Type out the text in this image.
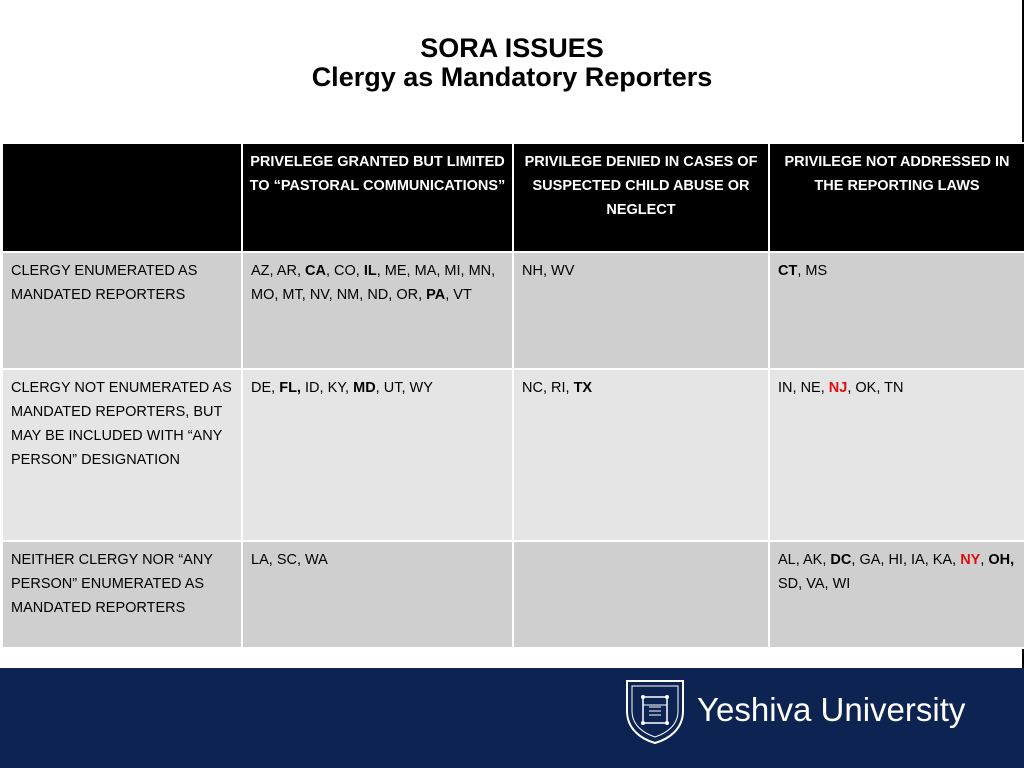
SORA ISSUES
Clergy as Mandatory Reporters
	PRIVELEGE GRANTED BUT LIMITED TO “PASTORAL COMMUNICATIONS”	PRIVILEGE DENIED IN CASES OF SUSPECTED CHILD ABUSE OR NEGLECT	PRIVILEGE NOT ADDRESSED IN THE REPORTING LAWS
CLERGY ENUMERATED AS MANDATED REPORTERS	AZ, AR, CA, CO, IL, ME, MA, MI, MN, MO, MT, NV, NM, ND, OR, PA, VT	NH, WV	CT, MS
CLERGY NOT ENUMERATED AS MANDATED REPORTERS, BUT MAY BE INCLUDED WITH “ANY PERSON” DESIGNATION	DE, FL, ID, KY, MD, UT, WY	NC, RI, TX	IN, NE, NJ, OK, TN
NEITHER CLERGY NOR “ANY PERSON” ENUMERATED AS MANDATED REPORTERS	LA, SC, WA		AL, AK, DC, GA, HI, IA, KA, NY, OH, SD, VA, WI
Yeshiva University
